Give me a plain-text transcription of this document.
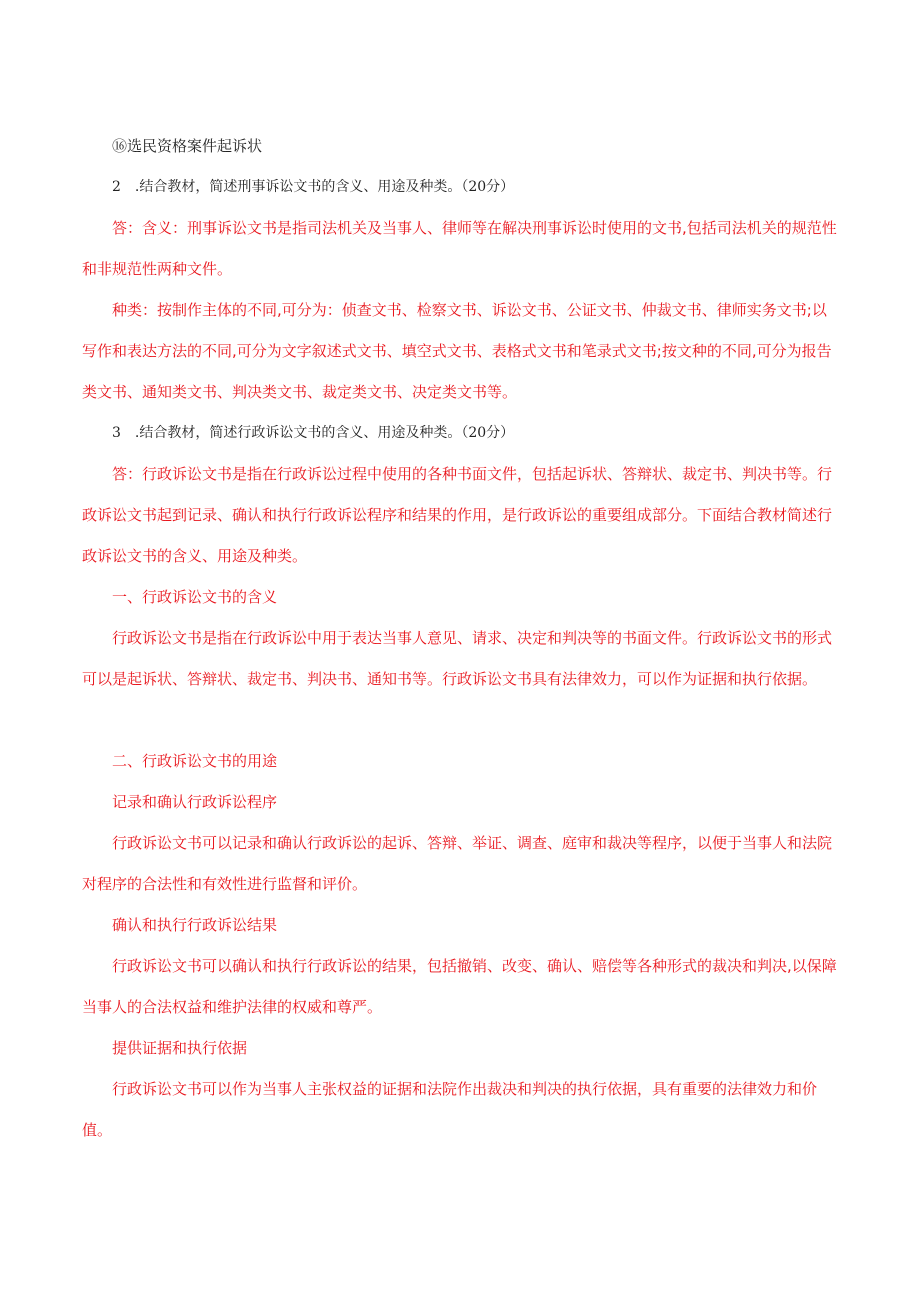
⑯选民资格案件起诉状

2　.结合教材，简述刑事诉讼文书的含义、用途及种类。（20分）

答：含义：刑事诉讼文书是指司法机关及当事人、律师等在解决刑事诉讼时使用的文书,包括司法机关的规范性和非规范性两种文件。

种类：按制作主体的不同,可分为：侦查文书、检察文书、诉讼文书、公证文书、仲裁文书、律师实务文书;以写作和表达方法的不同,可分为文字叙述式文书、填空式文书、表格式文书和笔录式文书;按文种的不同,可分为报告类文书、通知类文书、判决类文书、裁定类文书、决定类文书等。

3　.结合教材，简述行政诉讼文书的含义、用途及种类。（20分）

答：行政诉讼文书是指在行政诉讼过程中使用的各种书面文件，包括起诉状、答辩状、裁定书、判决书等。行政诉讼文书起到记录、确认和执行行政诉讼程序和结果的作用，是行政诉讼的重要组成部分。下面结合教材简述行政诉讼文书的含义、用途及种类。

一、行政诉讼文书的含义

行政诉讼文书是指在行政诉讼中用于表达当事人意见、请求、决定和判决等的书面文件。行政诉讼文书的形式可以是起诉状、答辩状、裁定书、判决书、通知书等。行政诉讼文书具有法律效力，可以作为证据和执行依据。

二、行政诉讼文书的用途

记录和确认行政诉讼程序

行政诉讼文书可以记录和确认行政诉讼的起诉、答辩、举证、调查、庭审和裁决等程序，以便于当事人和法院对程序的合法性和有效性进行监督和评价。

确认和执行行政诉讼结果

行政诉讼文书可以确认和执行行政诉讼的结果，包括撤销、改变、确认、赔偿等各种形式的裁决和判决,以保障当事人的合法权益和维护法律的权威和尊严。

提供证据和执行依据

行政诉讼文书可以作为当事人主张权益的证据和法院作出裁决和判决的执行依据，具有重要的法律效力和价值。
